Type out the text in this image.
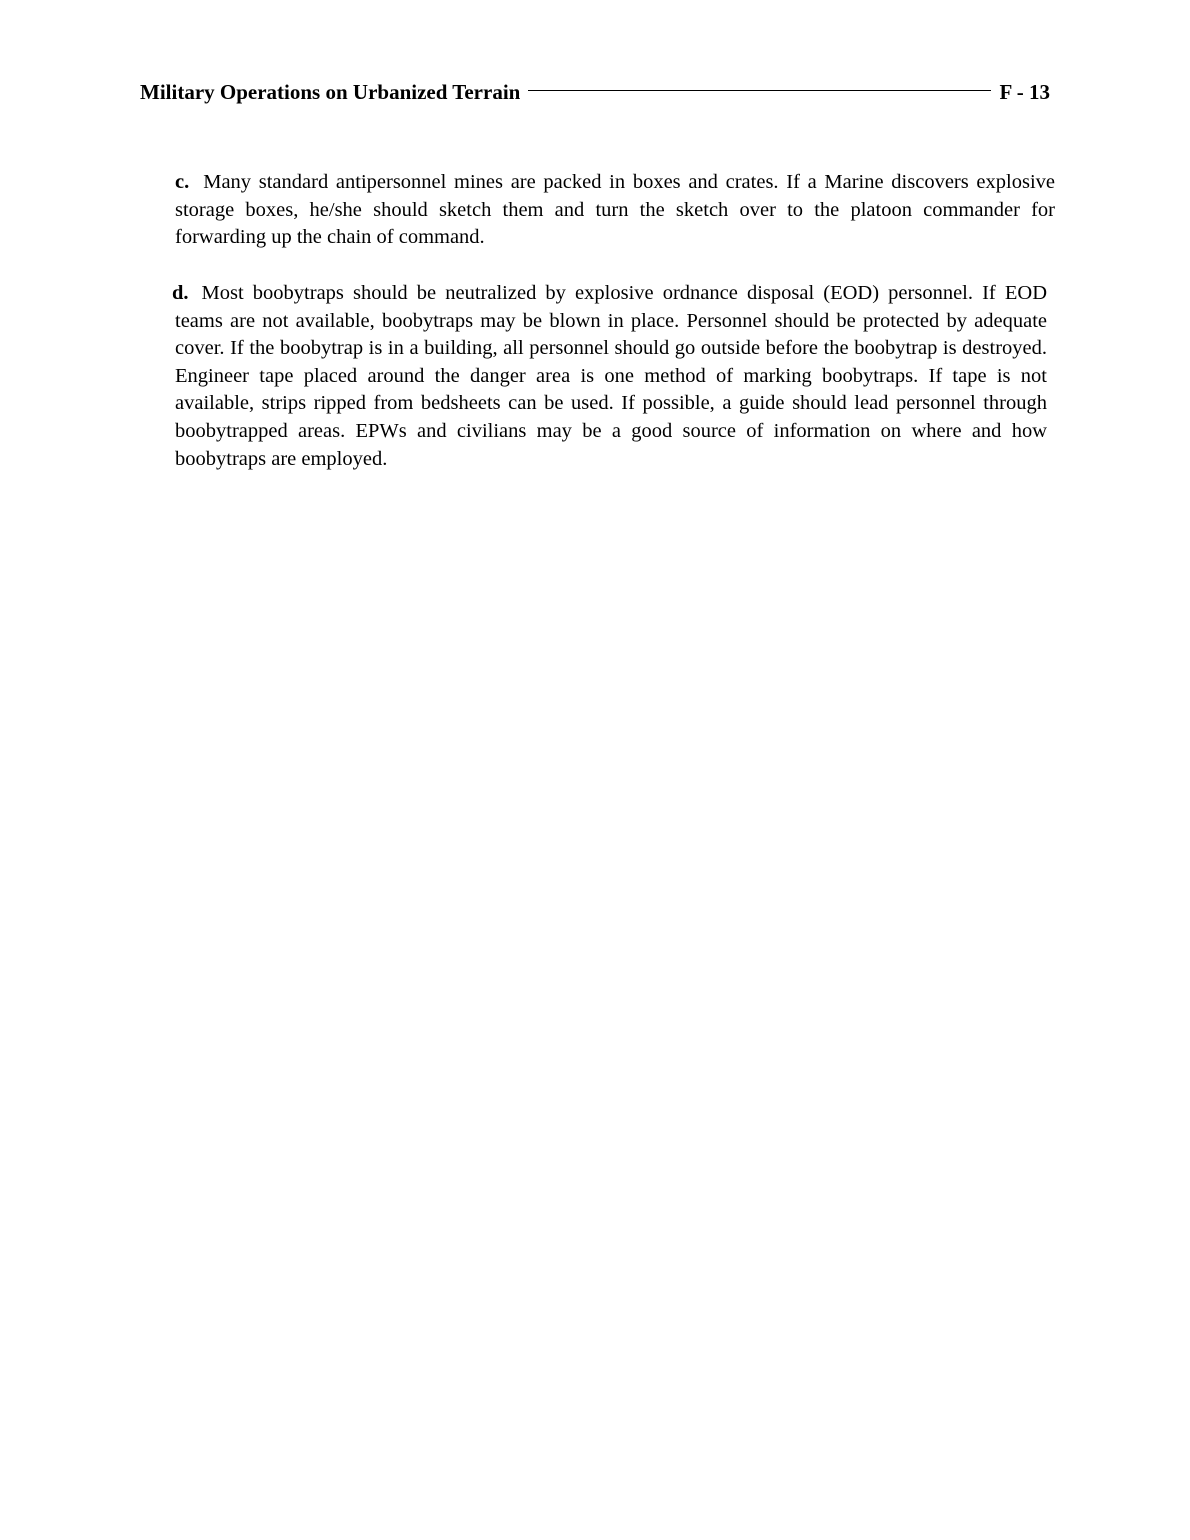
Military Operations on Urbanized Terrain	F - 13

c. Many standard antipersonnel mines are packed in boxes and crates. If a Marine discovers explosive storage boxes, he/she should sketch them and turn the sketch over to the platoon commander for forwarding up the chain of command.

d. Most boobytraps should be neutralized by explosive ordnance disposal (EOD) personnel. If EOD teams are not available, boobytraps may be blown in place. Personnel should be protected by adequate cover. If the boobytrap is in a building, all personnel should go outside before the boobytrap is destroyed. Engineer tape placed around the danger area is one method of marking boobytraps. If tape is not available, strips ripped from bedsheets can be used. If possible, a guide should lead personnel through boobytrapped areas. EPWs and civilians may be a good source of information on where and how boobytraps are employed.
